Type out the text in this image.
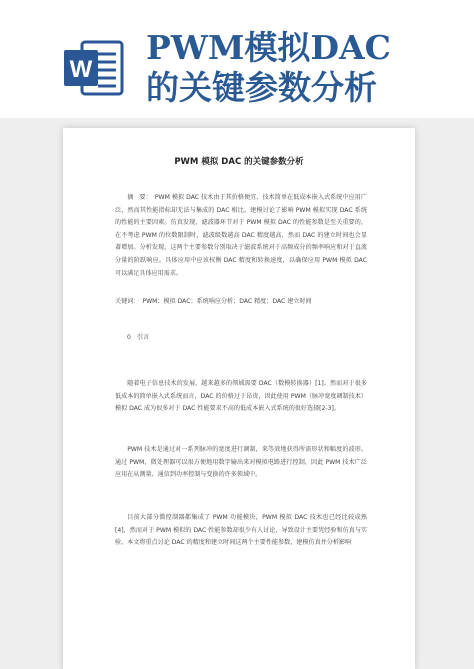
W
PWM模拟DAC
的关键参数分析
PWM 模拟 DAC 的关键参数分析

摘　要：　PWM 模拟 DAC 技术由于其价格便宜、技术简单在低成本嵌入式系统中应用广泛，然而其性能指标却无法与集成的 DAC 相比。建模讨论了影响 PWM 模拟实现 DAC 系统的性能的主要因素。仿真发现，滤波器环节对于 PWM 模拟 DAC 的性能参数是至关重要的，在不考虑 PWM 的位数限制时，滤波级数越高 DAC 精度越高，然而 DAC 的建立时间也会显著增加。分析发现，这两个主要参数分别取决于滤波系统对于高频成分的频率响应和对于直流分量的阶跃响应。具体应用中应该权衡 DAC 精度和转换速度，以确保应用 PWM 模拟 DAC 可以满足具体应用需求。

关键词：　PWM；模拟 DAC；系统响应分析；DAC 精度；DAC 建立时间

0　引言

随着电子信息技术的发展，越来越多的领域需要 DAC（数模转换器）[1]。然而对于很多低成本的简单嵌入式系统而言，DAC 的价格过于昂贵，因此使用 PWM（脉冲宽度调制技术）模拟 DAC 成为很多对于 DAC 性能要求不高的低成本嵌入式系统的很好选择[2-3]。

PWM 技术是通过对一系列脉冲的宽度进行调制，来等效地获得所需形状和幅度的波形。通过 PWM，微处理器可以很方便地用数字输出来对模拟电路进行控制，因此 PWM 技术广泛应用在从测量、通信到功率控制与变换的许多领域中。

目前大部分微控制器都集成了 PWM 功能模块，PWM 模拟 DAC 技术也已经比较成熟[4]，然而对于 PWM 模拟的 DAC 性能参数却很少有人讨论，导致设计主要凭经验和仿真与实验。本文将重点讨论 DAC 的精度和建立时间这两个主要性能参数，建模仿真并分析影响
